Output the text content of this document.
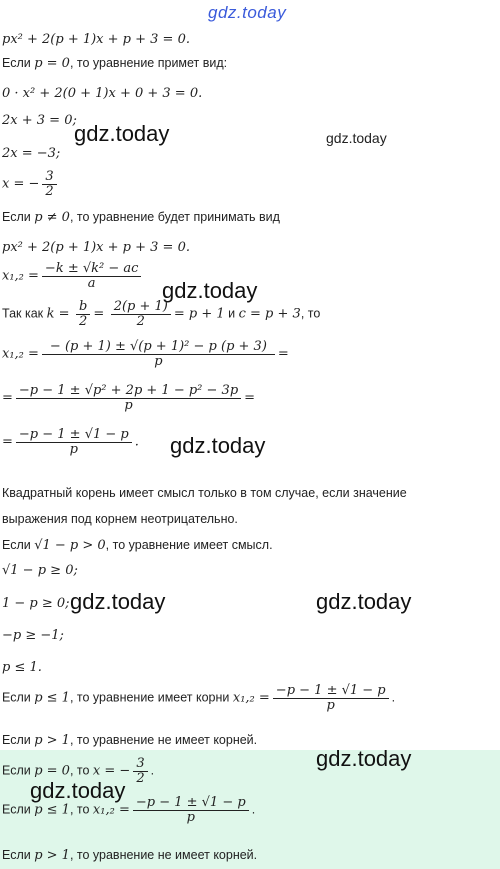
gdz.today
px² + 2(p + 1)x + p + 3 = 0.
Если p = 0, то уравнение примет вид:
0 · x² + 2(0 + 1)x + 0 + 3 = 0.
2x + 3 = 0;
gdz.today	gdz.today
2x = −3;
x = − $\frac{3}{2}$
Если p ≠ 0, то уравнение будет принимать вид
px² + 2(p + 1)x + p + 3 = 0.
$x_1,_2 = \frac{\text{−k ± √k² − ac}}{a}$
gdz.today
Так как $k = \frac{b}{2} = \frac{2(p + 1)}{2} = p + 1$ и c = p + 3, то
$x_1,_2 = \frac{\text{− (p + 1) ± √(p + 1)² − p (p + 3)}}{p}$ =
= $\frac{\text{−p − 1 ± √p² + 2p + 1 − p² − 3p}}{p}$ =
= $\frac{-p - 1 \pm √1 - p}{p}$ . gdz.today
Квадратный корень имеет смысл только в том случае, если значение
выражения под корнем неотрицательно.
Если √1 − p > 0, то уравнение имеет смысл.
√1 − p ≥ 0;
1 − p ≥ 0; gdz.today	gdz.today
−p ≥ −1;
p ≤ 1.
Если p ≤ 1, то уравнение имеет корни $x_1,_2 = \frac{-p - 1 \pm √1 - p}{p}$ .
Если p > 1, то уравнение не имеет корней.
gdz.today
Если p = 0, то x = − $\frac{3}{2}$ .
gdz.today
Если p ≤ 1, то $x_1,_2 = \frac{-p - 1 \pm √1 - p}{p}$ .
Если p > 1, то уравнение не имеет корней.
